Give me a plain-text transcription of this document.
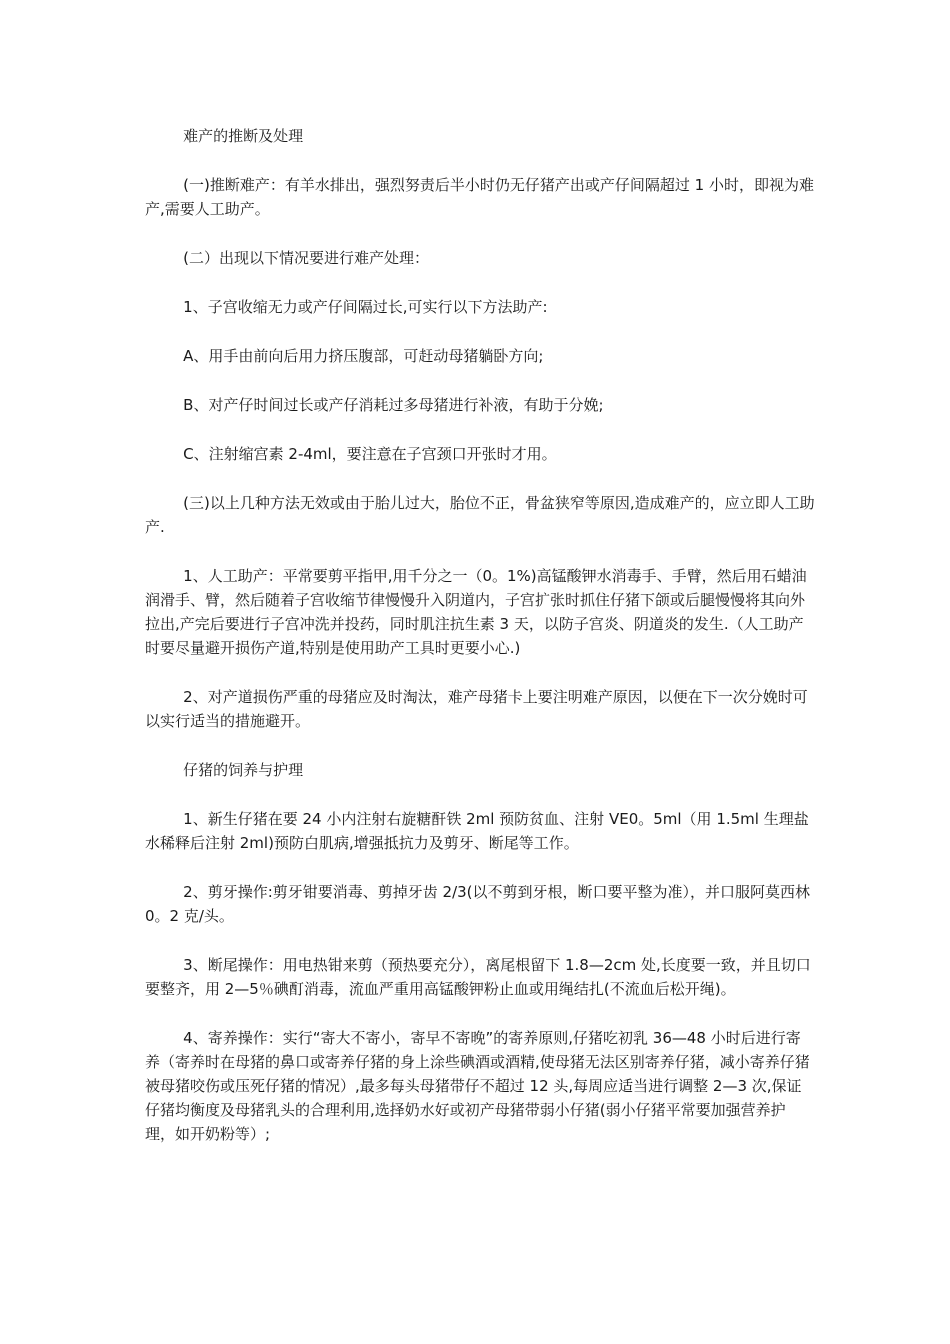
难产的推断及处理

(一)推断难产：有羊水排出，强烈努责后半小时仍无仔猪产出或产仔间隔超过 1 小时，即视为难产,需要人工助产。

(二）出现以下情况要进行难产处理：

1、子宫收缩无力或产仔间隔过长,可实行以下方法助产:

A、用手由前向后用力挤压腹部，可赶动母猪躺卧方向;

B、对产仔时间过长或产仔消耗过多母猪进行补液，有助于分娩;

C、注射缩宫素 2-4ml，要注意在子宫颈口开张时才用。

(三)以上几种方法无效或由于胎儿过大，胎位不正，骨盆狭窄等原因,造成难产的，应立即人工助产.

1、人工助产：平常要剪平指甲,用千分之一（0。1%)高锰酸钾水消毒手、手臂，然后用石蜡油润滑手、臂，然后随着子宫收缩节律慢慢升入阴道内，子宫扩张时抓住仔猪下颌或后腿慢慢将其向外拉出,产完后要进行子宫冲洗并投药，同时肌注抗生素 3 天，以防子宫炎、阴道炎的发生.（人工助产时要尽量避开损伤产道,特别是使用助产工具时更要小心.)

2、对产道损伤严重的母猪应及时淘汰，难产母猪卡上要注明难产原因，以便在下一次分娩时可以实行适当的措施避开。

仔猪的饲养与护理

1、新生仔猪在要 24 小内注射右旋糖酐铁 2ml 预防贫血、注射 VE0。5ml（用 1.5ml 生理盐水稀释后注射 2ml)预防白肌病,增强抵抗力及剪牙、断尾等工作。

2、剪牙操作:剪牙钳要消毒、剪掉牙齿 2/3(以不剪到牙根，断口要平整为准），并口服阿莫西林 0。2 克/头。

3、断尾操作：用电热钳来剪（预热要充分），离尾根留下 1.8—2cm 处,长度要一致，并且切口要整齐，用 2—5％碘酊消毒，流血严重用高锰酸钾粉止血或用绳结扎(不流血后松开绳)。

4、寄养操作：实行“寄大不寄小，寄早不寄晚”的寄养原则,仔猪吃初乳 36—48 小时后进行寄养（寄养时在母猪的鼻口或寄养仔猪的身上涂些碘酒或酒精,使母猪无法区别寄养仔猪，减小寄养仔猪被母猪咬伤或压死仔猪的情况）,最多每头母猪带仔不超过 12 头,每周应适当进行调整 2—3 次,保证仔猪均衡度及母猪乳头的合理利用,选择奶水好或初产母猪带弱小仔猪(弱小仔猪平常要加强营养护理，如开奶粉等）;
